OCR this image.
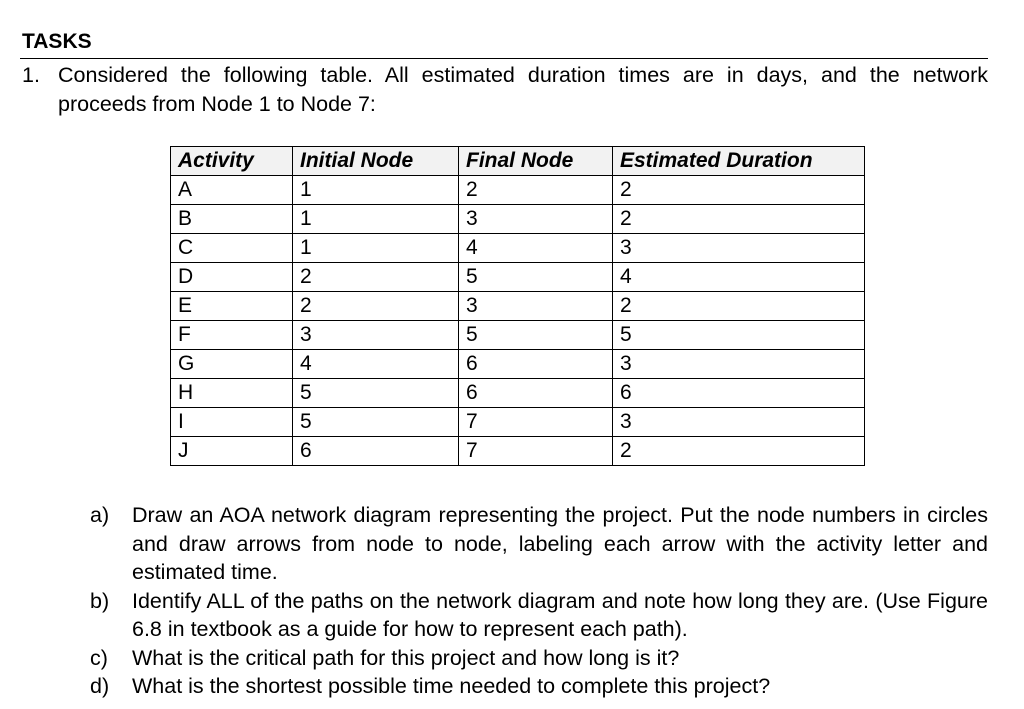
TASKS
1. Considered the following table. All estimated duration times are in days, and the network proceeds from Node 1 to Node 7:
Activity	Initial Node	Final Node	Estimated Duration
A	1	2	2
B	1	3	2
C	1	4	3
D	2	5	4
E	2	3	2
F	3	5	5
G	4	6	3
H	5	6	6
I	5	7	3
J	6	7	2
a) Draw an AOA network diagram representing the project. Put the node numbers in circles and draw arrows from node to node, labeling each arrow with the activity letter and estimated time.
b) Identify ALL of the paths on the network diagram and note how long they are. (Use Figure 6.8 in textbook as a guide for how to represent each path).
c) What is the critical path for this project and how long is it?
d) What is the shortest possible time needed to complete this project?
